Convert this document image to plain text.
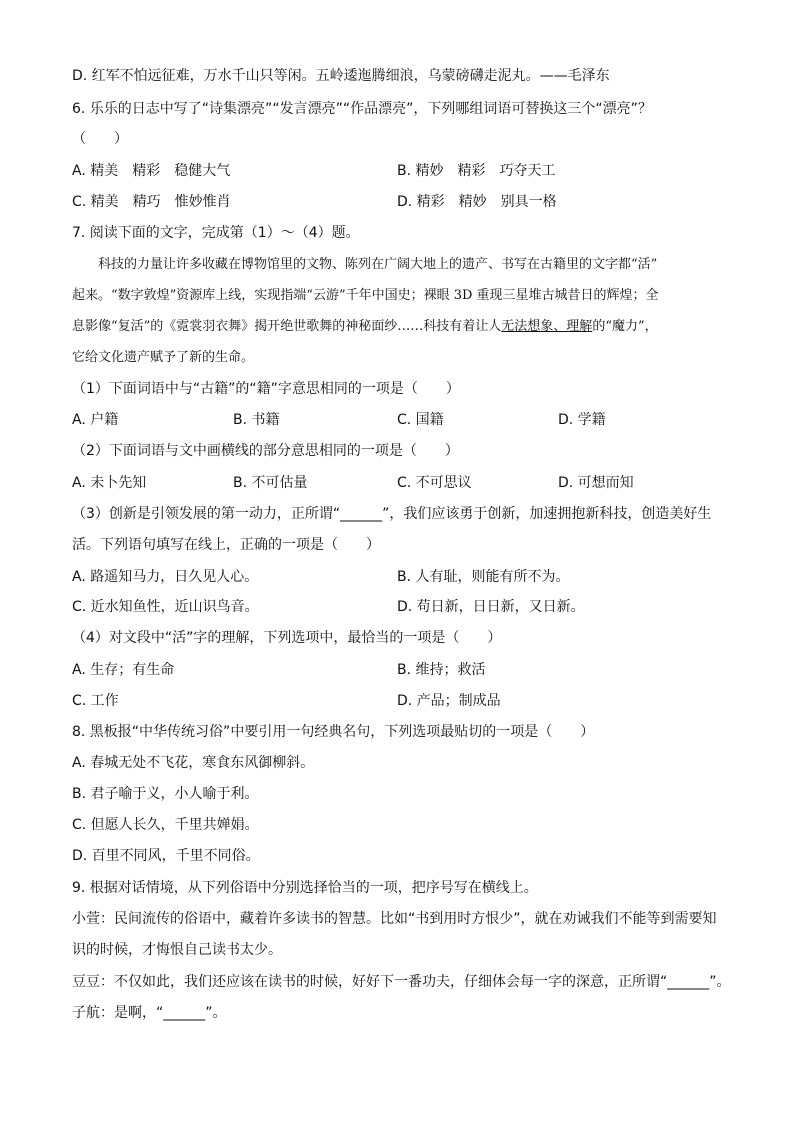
D. 红军不怕远征难，万水千山只等闲。五岭逶迤腾细浪，乌蒙磅礴走泥丸。——毛泽东
6. 乐乐的日志中写了“诗集漂亮”“发言漂亮”“作品漂亮”，下列哪组词语可替换这三个“漂亮”？
（　　）
A. 精美　精彩　稳健大气	B. 精妙　精彩　巧夺天工
C. 精美　精巧　惟妙惟肖	D. 精彩　精妙　别具一格
7. 阅读下面的文字，完成第（1）～（4）题。

科技的力量让许多收藏在博物馆里的文物、陈列在广阔大地上的遗产、书写在古籍里的文字都“活”

起来。“数字敦煌”资源库上线，实现指端“云游”千年中国史；裸眼 3D 重现三星堆古城昔日的辉煌；全

息影像“复活”的《霓裳羽衣舞》揭开绝世歌舞的神秘面纱……科技有着让人无法想象、理解的“魔力”，

它给文化遗产赋予了新的生命。

（1）下面词语中与“古籍”的“籍”字意思相同的一项是（　　）
A. 户籍	B. 书籍	C. 国籍	D. 学籍
（2）下面词语与文中画横线的部分意思相同的一项是（　　）
A. 未卜先知	B. 不可估量	C. 不可思议	D. 可想而知
（3）创新是引领发展的第一动力，正所谓“______”，我们应该勇于创新，加速拥抱新科技，创造美好生
活。下列语句填写在线上，正确的一项是（　　）
A. 路遥知马力，日久见人心。	B. 人有耻，则能有所不为。
C. 近水知鱼性，近山识鸟音。	D. 苟日新，日日新，又日新。
（4）对文段中“活”字的理解，下列选项中，最恰当的一项是（　　）
A. 生存；有生命	B. 维持；救活
C. 工作	D. 产品；制成品
8. 黑板报“中华传统习俗”中要引用一句经典名句，下列选项最贴切的一项是（　　）
A. 春城无处不飞花，寒食东风御柳斜。
B. 君子喻于义，小人喻于利。
C. 但愿人长久，千里共婵娟。
D. 百里不同风，千里不同俗。
9. 根据对话情境，从下列俗语中分别选择恰当的一项，把序号写在横线上。
小萱：民间流传的俗语中，藏着许多读书的智慧。比如“书到用时方恨少”，就在劝诫我们不能等到需要知
识的时候，才悔恨自己读书太少。
豆豆：不仅如此，我们还应该在读书的时候，好好下一番功夫，仔细体会每一字的深意，正所谓“______”。
子航：是啊，“______”。
